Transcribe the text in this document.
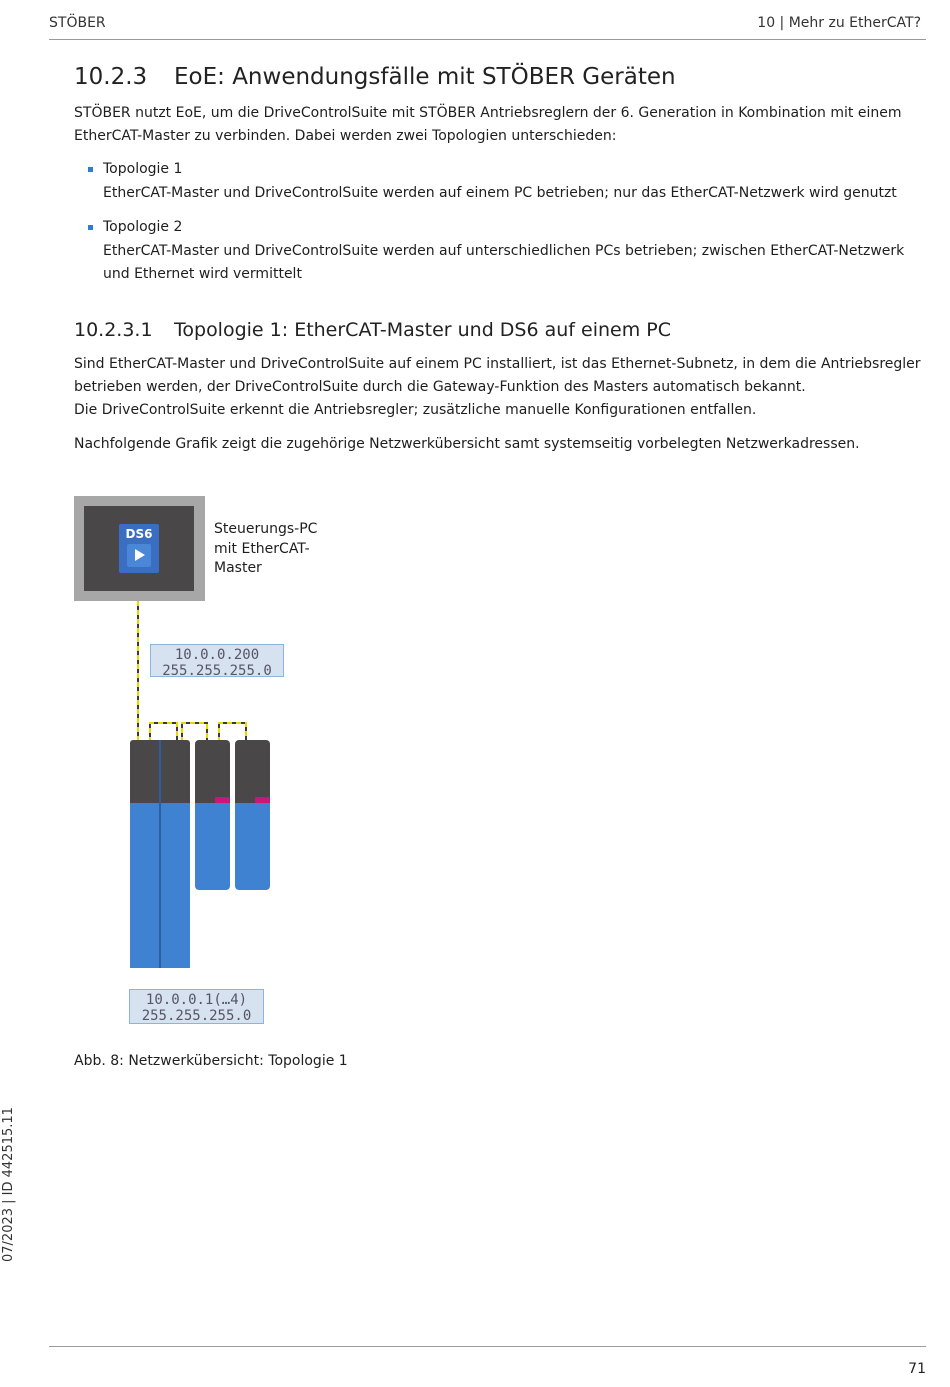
STÖBER	10 | Mehr zu EtherCAT?
10.2.3 EoE: Anwendungsfälle mit STÖBER Geräten
STÖBER nutzt EoE, um die DriveControlSuite mit STÖBER Antriebsreglern der 6. Generation in Kombination mit einem
EtherCAT-Master zu verbinden. Dabei werden zwei Topologien unterschieden:
Topologie 1
EtherCAT-Master und DriveControlSuite werden auf einem PC betrieben; nur das EtherCAT-Netzwerk wird genutzt
Topologie 2
EtherCAT-Master und DriveControlSuite werden auf unterschiedlichen PCs betrieben; zwischen EtherCAT-Netzwerk
und Ethernet wird vermittelt
10.2.3.1 Topologie 1: EtherCAT-Master und DS6 auf einem PC
Sind EtherCAT-Master und DriveControlSuite auf einem PC installiert, ist das Ethernet-Subnetz, in dem die Antriebsregler
betrieben werden, der DriveControlSuite durch die Gateway-Funktion des Masters automatisch bekannt.
Die DriveControlSuite erkennt die Antriebsregler; zusätzliche manuelle Konfigurationen entfallen.
Nachfolgende Grafik zeigt die zugehörige Netzwerkübersicht samt systemseitig vorbelegten Netzwerkadressen.
DS6	Steuerungs-PC
mit EtherCAT-
Master
10.0.0.200
255.255.255.0
10.0.0.1(…4)
255.255.255.0
Abb. 8: Netzwerkübersicht: Topologie 1
07/2023 | ID 442515.11
71
